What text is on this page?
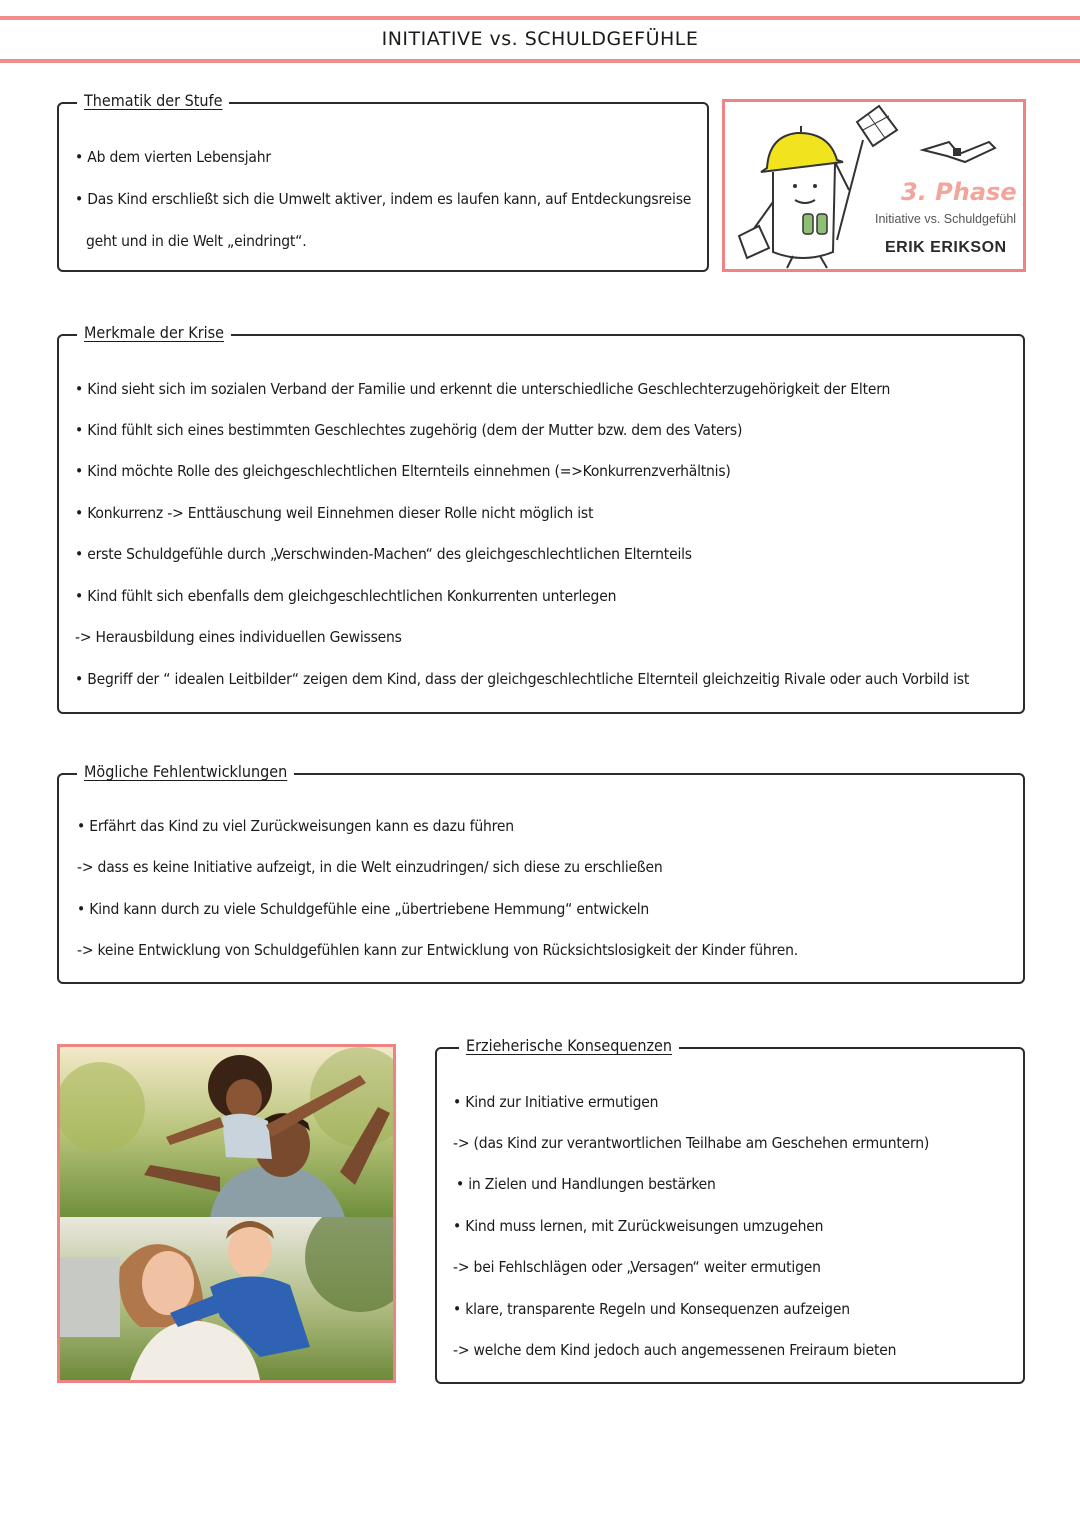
INITIATIVE vs. SCHULDGEFÜHLE
Thematik der Stufe
• Ab dem vierten Lebensjahr
• Das Kind erschließt sich die Umwelt aktiver, indem es laufen kann, auf Entdeckungsreise
geht und in die Welt „eindringt“.
3. Phase
Initiative vs. Schuldgefühl
ERIK ERIKSON
Merkmale der Krise
• Kind sieht sich im sozialen Verband der Familie und erkennt die unterschiedliche Geschlechterzugehörigkeit der Eltern
• Kind fühlt sich eines bestimmten Geschlechtes zugehörig (dem der Mutter bzw. dem des Vaters)
• Kind möchte Rolle des gleichgeschlechtlichen Elternteils einnehmen (=>Konkurrenzverhältnis)
• Konkurrenz -> Enttäuschung weil Einnehmen dieser Rolle nicht möglich ist
• erste Schuldgefühle durch „Verschwinden-Machen“ des gleichgeschlechtlichen Elternteils
• Kind fühlt sich ebenfalls dem gleichgeschlechtlichen Konkurrenten unterlegen
-> Herausbildung eines individuellen Gewissens
• Begriff der “ idealen Leitbilder“ zeigen dem Kind, dass der gleichgeschlechtliche Elternteil gleichzeitig Rivale oder auch Vorbild ist
Mögliche Fehlentwicklungen
• Erfährt das Kind zu viel Zurückweisungen kann es dazu führen
-> dass es keine Initiative aufzeigt, in die Welt einzudringen/ sich diese zu erschließen
• Kind kann durch zu viele Schuldgefühle eine „übertriebene Hemmung“ entwickeln
-> keine Entwicklung von Schuldgefühlen kann zur Entwicklung von Rücksichtslosigkeit der Kinder führen.
Erzieherische Konsequenzen
• Kind zur Initiative ermutigen
-> (das Kind zur verantwortlichen Teilhabe am Geschehen ermuntern)
• in Zielen und Handlungen bestärken
• Kind muss lernen, mit Zurückweisungen umzugehen
-> bei Fehlschlägen oder „Versagen“ weiter ermutigen
• klare, transparente Regeln und Konsequenzen aufzeigen
-> welche dem Kind jedoch auch angemessenen Freiraum bieten
